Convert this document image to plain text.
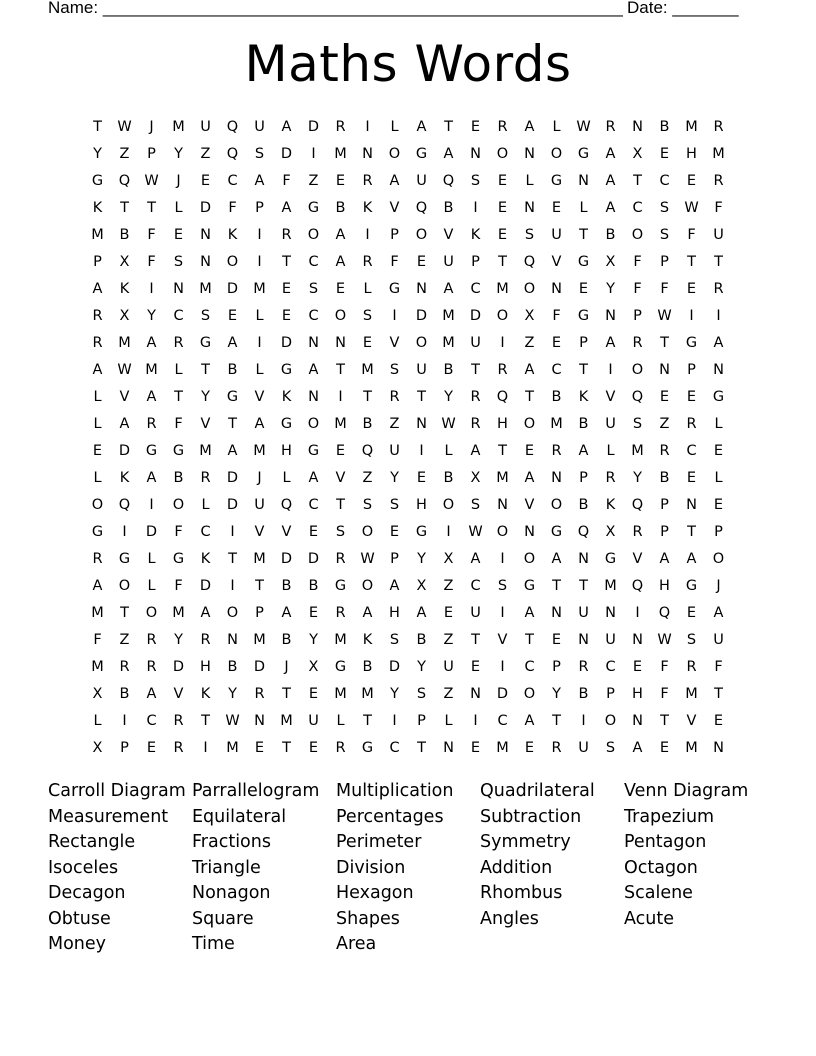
Name: _______________________________________________________ Date: _______
Maths Words
T	W	J	M	U	Q	U	A	D	R	I	L	A	T	E	R	A	L	W	R	N	B	M	R
Y	Z	P	Y	Z	Q	S	D	I	M	N	O	G	A	N	O	N	O	G	A	X	E	H	M
G	Q W	J	E	C	A	F	Z	E	R	A	U	Q	S	E	L	G	N	A	T	C	E	R
K	T	T	L	D	F	P	A	G	B	K	V	Q	B	I	E	N	E	L	A	C	S	W	F
M	B	F	E	N	K	I	R	O	A	I	P	O	V	K	E	S	U	T	B	O	S	F	U
P	X	F	S	N	O	I	T	C	A	R	F	E	U	P	T	Q	V	G	X	F	P	T	T
A	K	I	N	M	D	M	E	S	E	L	G	N	A	C	M	O	N	E	Y	F	F	E	R
R	X	Y	C	S	E	L	E	C	O	S	I	D	M	D	O	X	F	G	N	P	W	I	I
R	M	A	R	G	A	I	D	N	N	E	V	O	M	U	I	Z	E	P	A	R	T	G	A
A	W M	L	T	B	L	G	A	T	M	S	U	B	T	R	A	C	T	I	O	N	P	N
L	V	A	T	Y	G	V	K	N	I	T	R	T	Y	R	Q	T	B	K	V	Q	E	E	G
L	A	R	F	V	T	A	G	O	M	B	Z	N W	R	H	O	M	B	U	S	Z	R	L
E	D	G	G	M	A	M	H	G	E	Q	U	I	L	A	T	E	R	A	L	M	R	C	E
L	K	A	B	R	D	J	L	A	V	Z	Y	E	B	X	M	A	N	P	R	Y	B	E	L
O	Q	I	O	L	D	U	Q	C	T	S	S	H	O	S	N	V	O	B	K	Q	P	N	E
G	I	D	F	C	I	V	V	E	S	O	E	G	I	W O	N	G	Q	X	R	P	T	P
R	G	L	G	K	T	M	D	D	R	W	P	Y	X	A	I	O	A	N	G	V	A	A	O
A	O	L	F	D	I	T	B	B	G	O	A	X	Z	C	S	G	T	T	M	Q	H	G	J
M	T	O	M	A	O	P	A	E	R	A	H	A	E	U	I	A	N	U	N	I	Q	E	A
F	Z	R	Y	R	N	M	B	Y	M	K	S	B	Z	T	V	T	E	N	U	N W	S	U
M	R	R	D	H	B	D	J	X	G	B	D	Y	U	E	I	C	P	R	C	E	F	R	F
X	B	A	V	K	Y	R	T	E	M M	Y	S	Z	N	D	O	Y	B	P	H	F	M	T
L	I	C	R	T	W N	M	U	L	T	I	P	L	I	C	A	T	I	O	N	T	V	E
X	P	E	R	I	M	E	T	E	R	G	C	T	N	E	M	E	R	U	S	A	E	M	N
Carroll Diagram
Measurement
Rectangle
Isoceles
Decagon
Obtuse
Money
Parrallelogram
Equilateral
Fractions
Triangle
Nonagon
Square
Time
Multiplication
Percentages
Perimeter
Division
Hexagon
Shapes
Area
Quadrilateral
Subtraction
Symmetry
Addition
Rhombus
Angles
Venn Diagram
Trapezium
Pentagon
Octagon
Scalene
Acute
